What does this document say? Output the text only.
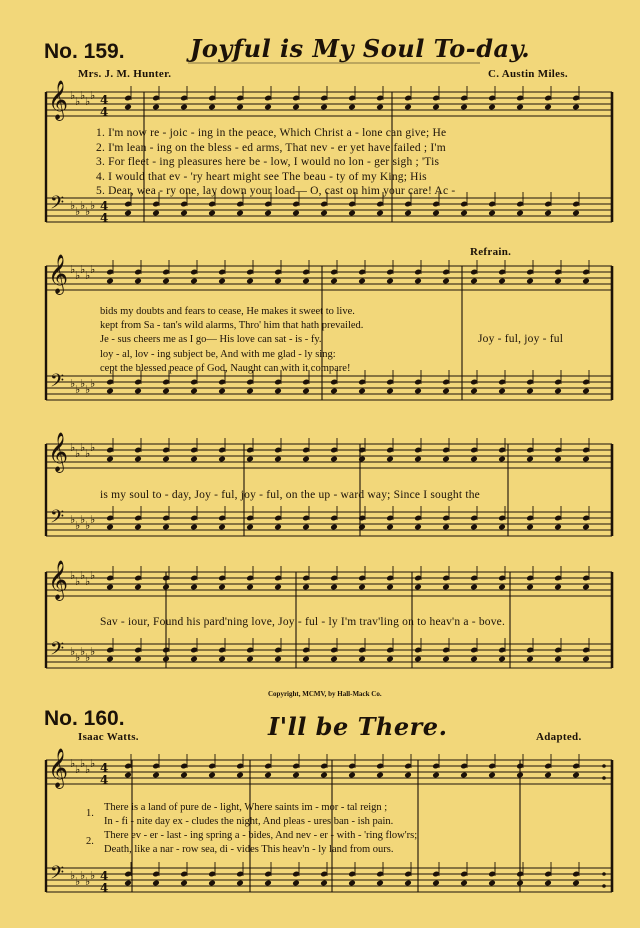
No. 159.	Joyful is My Soul To-day.
Mrs. J. M. Hunter.	C. Austin Miles.
𝄞
𝄢
♭ ♭ ♭ ♭ ♭
♭ ♭ ♭ ♭ ♭
4
4
4
4
𝄞
𝄢
♭ ♭ ♭ ♭ ♭
♭ ♭ ♭ ♭ ♭
𝄞
𝄢
♭ ♭ ♭ ♭ ♭
♭ ♭ ♭ ♭ ♭
𝄞
𝄢
♭ ♭ ♭ ♭ ♭
♭ ♭ ♭ ♭ ♭
𝄞
𝄢
♭ ♭ ♭ ♭ ♭
♭ ♭ ♭ ♭ ♭
4
4
4
4
1. I'm now re - joic - ing in the peace, Which Christ a - lone can give; He
2. I'm lean - ing on the bless - ed arms, That nev - er yet have failed ; I'm
3. For fleet - ing pleasures here be - low, I would no lon - ger sigh ; 'Tis
4. I would that ev - 'ry heart might see The beau - ty of my King; His
5. Dear, wea - ry one, lay down your load— O, cast on him your care! Ac -
bids my doubts and fears to cease, He makes it sweet to live.
kept from Sa - tan's wild alarms, Thro' him that hath prevailed.
Je - sus cheers me as I go— His love can sat - is - fy.
loy - al, lov - ing subject be, And with me glad - ly sing:
cept the blessed peace of God, Naught can with it compare!
Refrain.
Joy - ful, joy - ful
is my soul to - day, Joy - ful, joy - ful, on the up - ward way; Since I sought the
Sav - iour, Found his pard'ning love, Joy - ful - ly I'm trav'ling on to heav'n a - bove.
Copyright, MCMV, by Hall-Mack Co.
No. 160.	I'll be There.
Isaac Watts.	Adapted.
1.
2.
There is a land of pure de - light, Where saints im - mor - tal reign ;
In - fi - nite day ex - cludes the night, And pleas - ures ban - ish pain.
There ev - er - last - ing spring a - bides, And nev - er - with - 'ring flow'rs;
Death, like a nar - row sea, di - vides This heav'n - ly land from ours.
